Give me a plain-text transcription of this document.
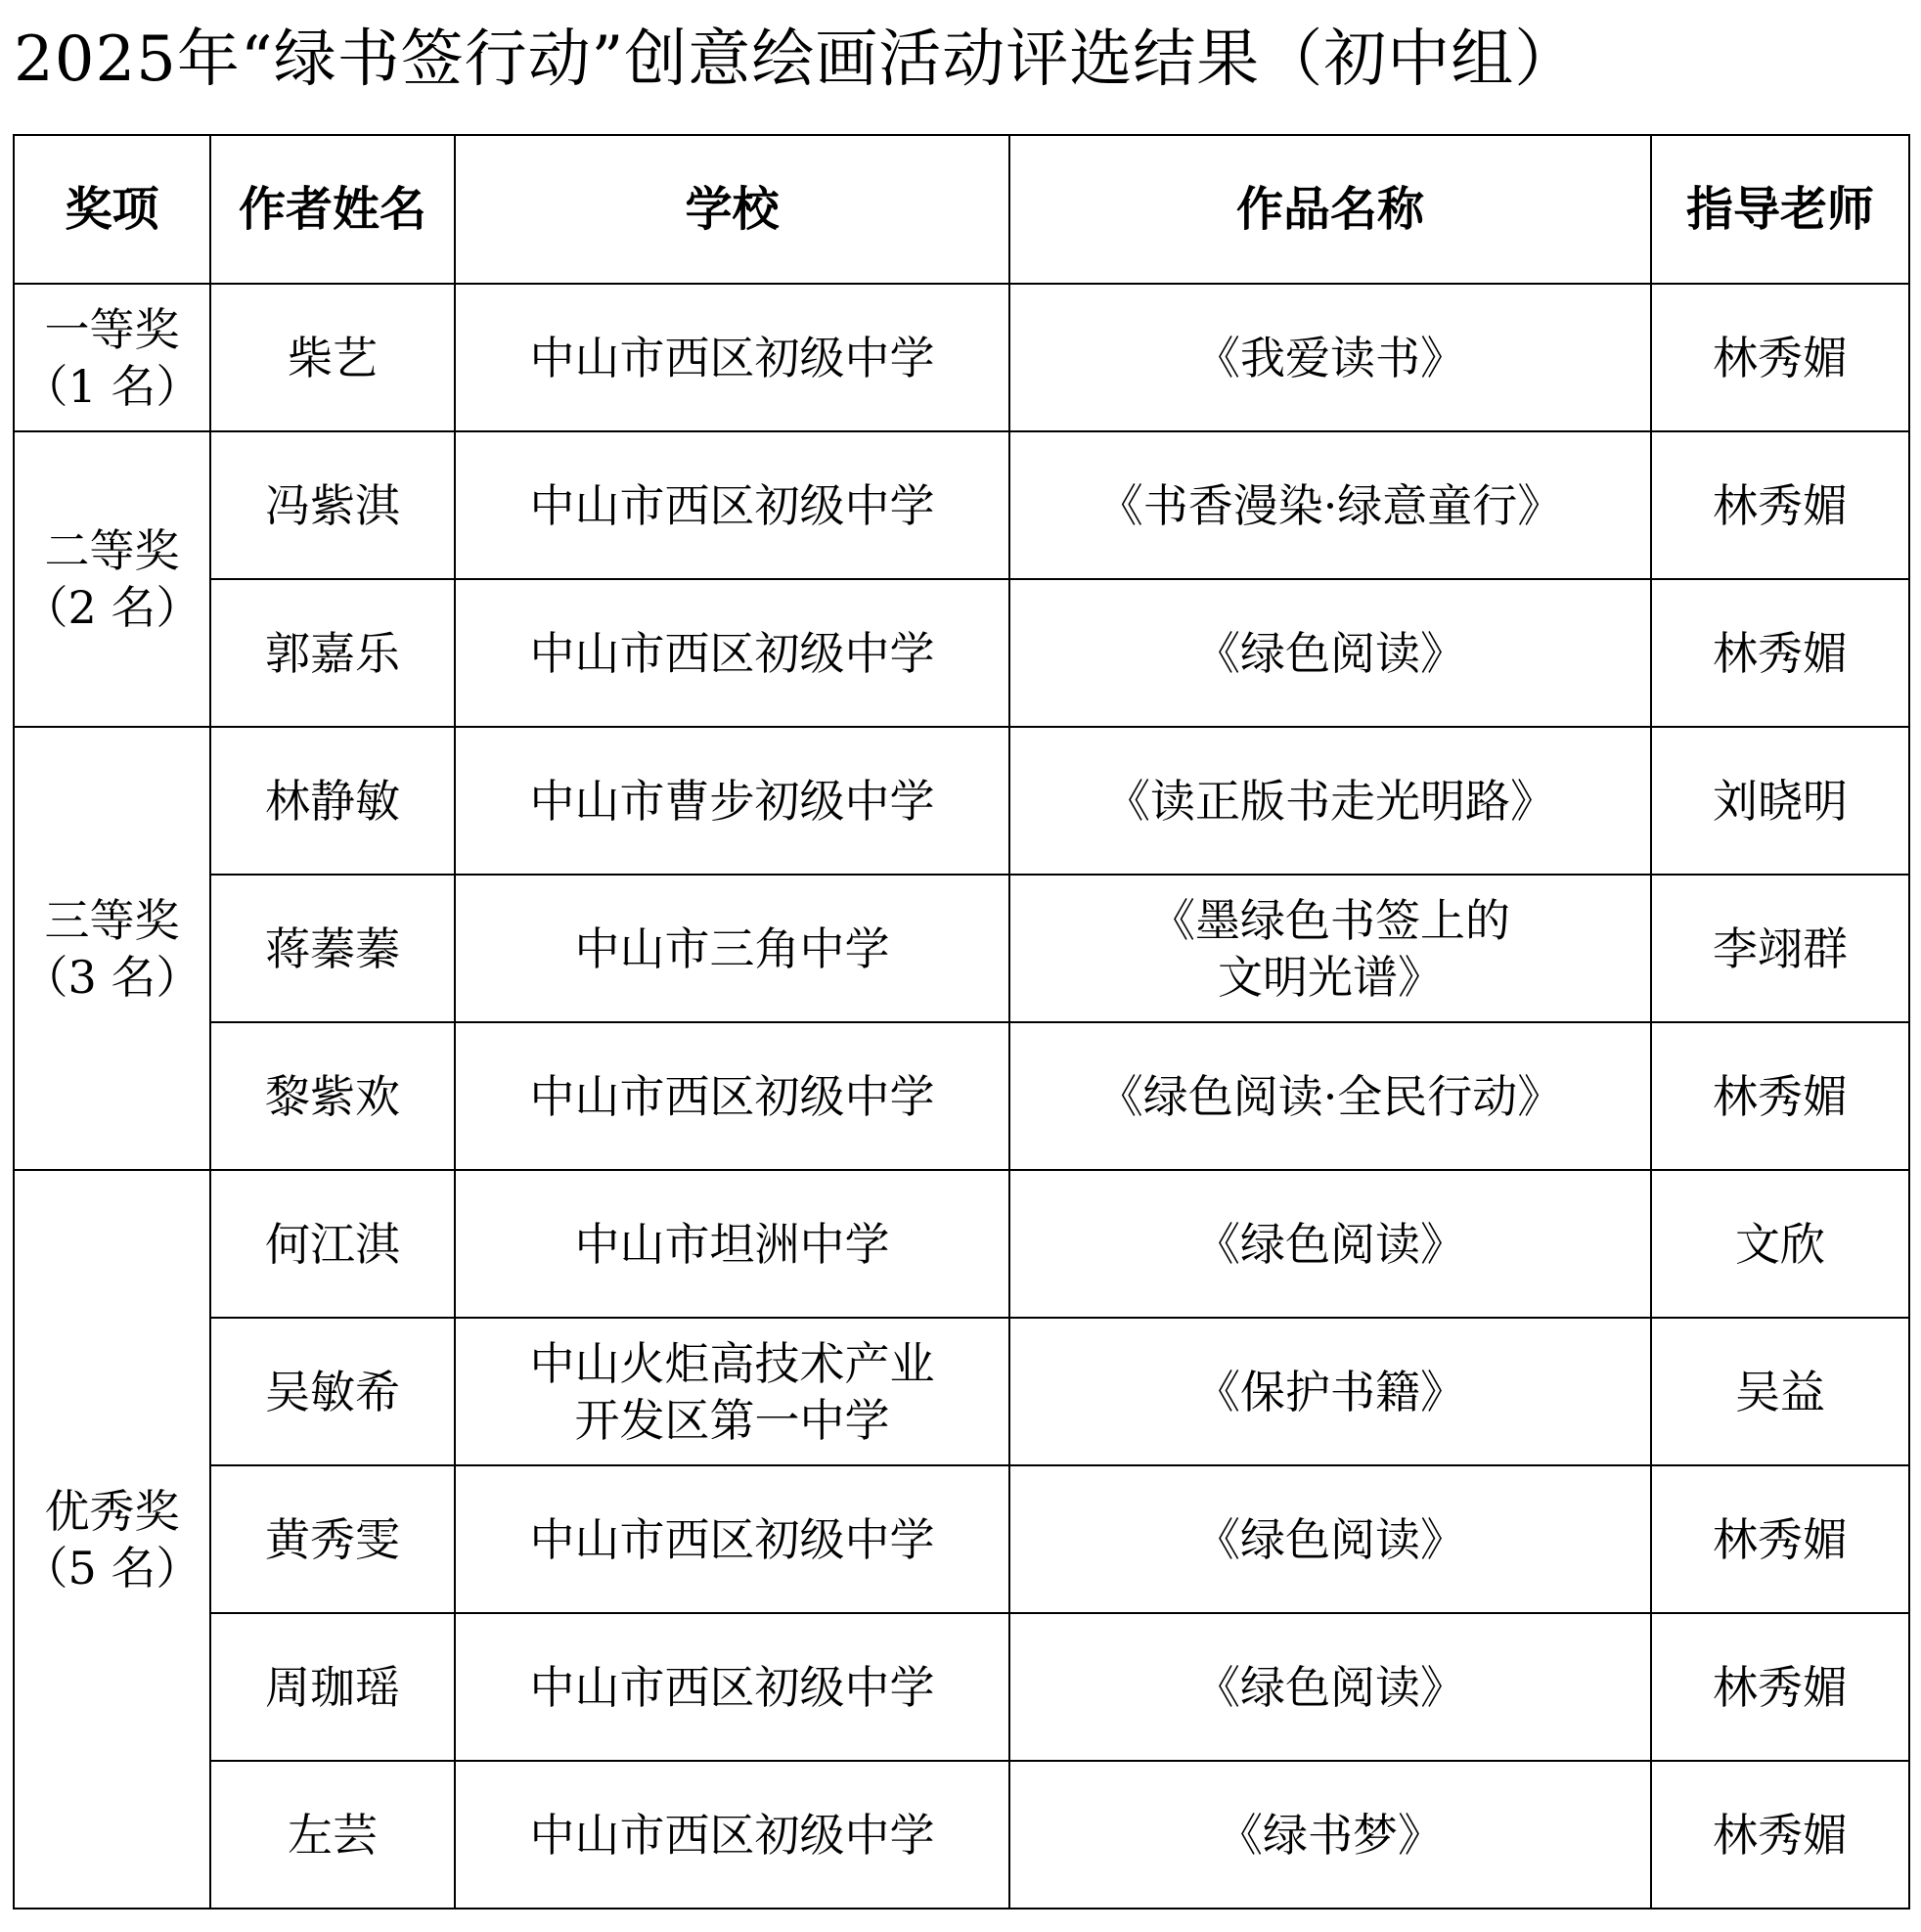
2025年“绿书签行动”创意绘画活动评选结果（初中组）
奖项	作者姓名	学校	作品名称	指导老师

一等奖
（1 名）	柴艺	中山市西区初级中学	《我爱读书》	林秀媚

二等奖
（2 名）	冯紫淇	中山市西区初级中学	《书香漫染·绿意童行》	林秀媚
	郭嘉乐	中山市西区初级中学	《绿色阅读》	林秀媚

三等奖
（3 名）	林静敏	中山市曹步初级中学	《读正版书走光明路》	刘晓明
	蒋蓁蓁	中山市三角中学	《墨绿色书签上的
文明光谱》	李翊群
	黎紫欢	中山市西区初级中学	《绿色阅读·全民行动》	林秀媚

优秀奖
（5 名）	何江淇	中山市坦洲中学	《绿色阅读》	文欣
	吴敏希	中山火炬高技术产业
开发区第一中学	《保护书籍》	吴益
	黄秀雯	中山市西区初级中学	《绿色阅读》	林秀媚
	周珈瑶	中山市西区初级中学	《绿色阅读》	林秀媚
	左芸	中山市西区初级中学	《绿书梦》	林秀媚
